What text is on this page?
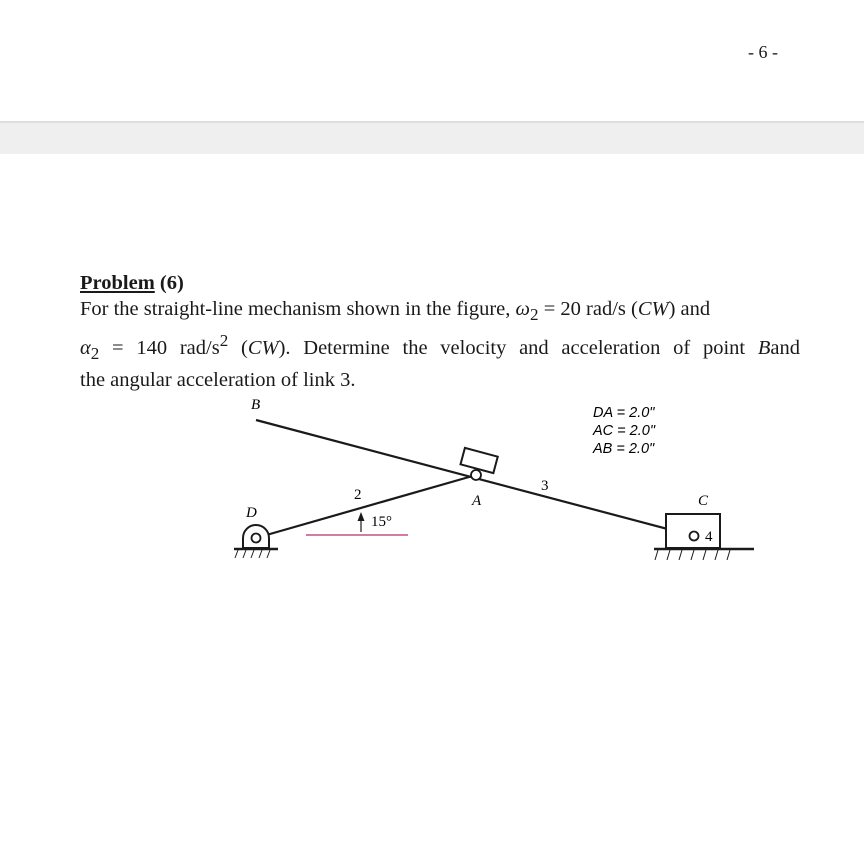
- 6 -
Problem (6)

For the straight-line mechanism shown in the figure, $\omega_2 = 20$ rad/s (CW) and
$\alpha_2 = 140$ rad/$s^2$ (CW). Determine the velocity and acceleration of point Band
the angular acceleration of link 3.

B
D
A	C
2
3
4
15°
DA = 2.0"
AC = 2.0"
AB = 2.0"
